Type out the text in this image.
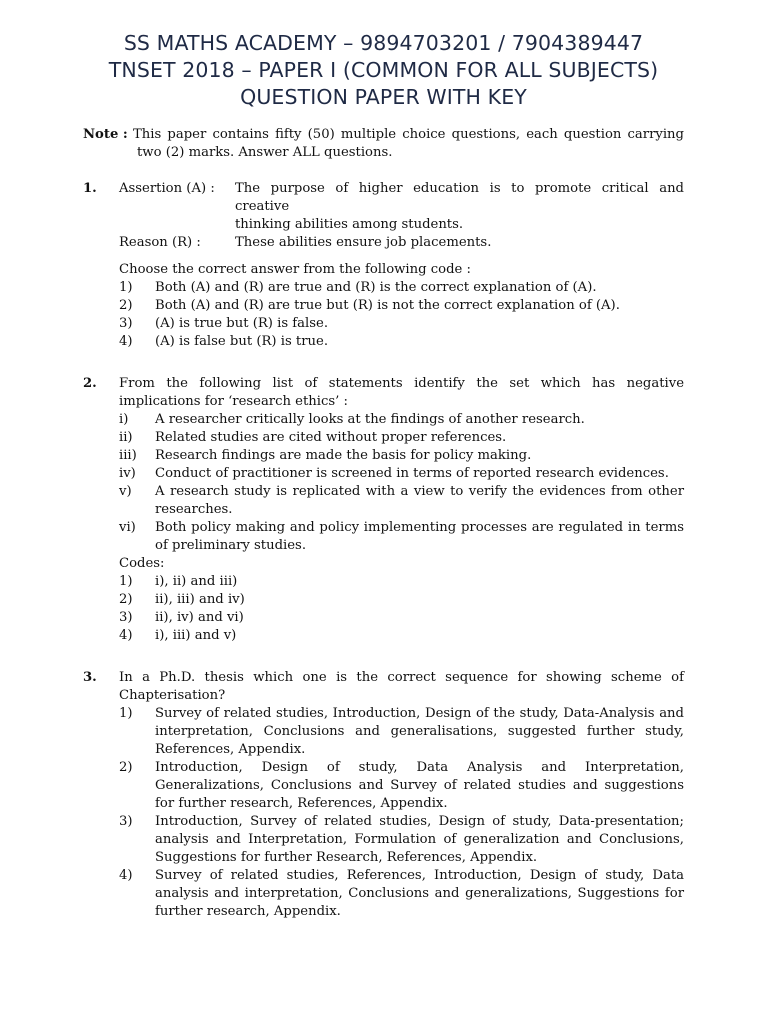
SS MATHS ACADEMY – 9894703201 / 7904389447
TNSET 2018 – PAPER I (COMMON FOR ALL SUBJECTS)
QUESTION PAPER WITH KEY
Note : This paper contains fifty (50) multiple choice questions, each question carrying
two (2) marks. Answer ALL questions.
1.	Assertion (A) :	The purpose of higher education is to promote critical and creative
thinking abilities among students.
Reason (R) :	These abilities ensure job placements.
Choose the correct answer from the following code :
1)	Both (A) and (R) are true and (R) is the correct explanation of (A).
2)	Both (A) and (R) are true but (R) is not the correct explanation of (A).
3)	(A) is true but (R) is false.
4)	(A) is false but (R) is true.
2.	From the following list of statements identify the set which has negative implications for ‘research ethics’ :
i)	A researcher critically looks at the findings of another research.
ii)	Related studies are cited without proper references.
iii)	Research findings are made the basis for policy making.
iv)	Conduct of practitioner is screened in terms of reported research evidences.
v)	A research study is replicated with a view to verify the evidences from other researches.
vi)	Both policy making and policy implementing processes are regulated in terms of preliminary studies.
Codes:
1)	i), ii) and iii)
2)	ii), iii) and iv)
3)	ii), iv) and vi)
4)	i), iii) and v)
3.	In a Ph.D. thesis which one is the correct sequence for showing scheme of Chapterisation?
1)	Survey of related studies, Introduction, Design of the study, Data-Analysis and interpretation, Conclusions and generalisations, suggested further study, References, Appendix.
2)	Introduction, Design of study, Data Analysis and Interpretation, Generalizations, Conclusions and Survey of related studies and suggestions for further research, References, Appendix.
3)	Introduction, Survey of related studies, Design of study, Data-presentation; analysis and Interpretation, Formulation of generalization and Conclusions, Suggestions for further Research, References, Appendix.
4)	Survey of related studies, References, Introduction, Design of study, Data analysis and interpretation, Conclusions and generalizations, Suggestions for further research, Appendix.
